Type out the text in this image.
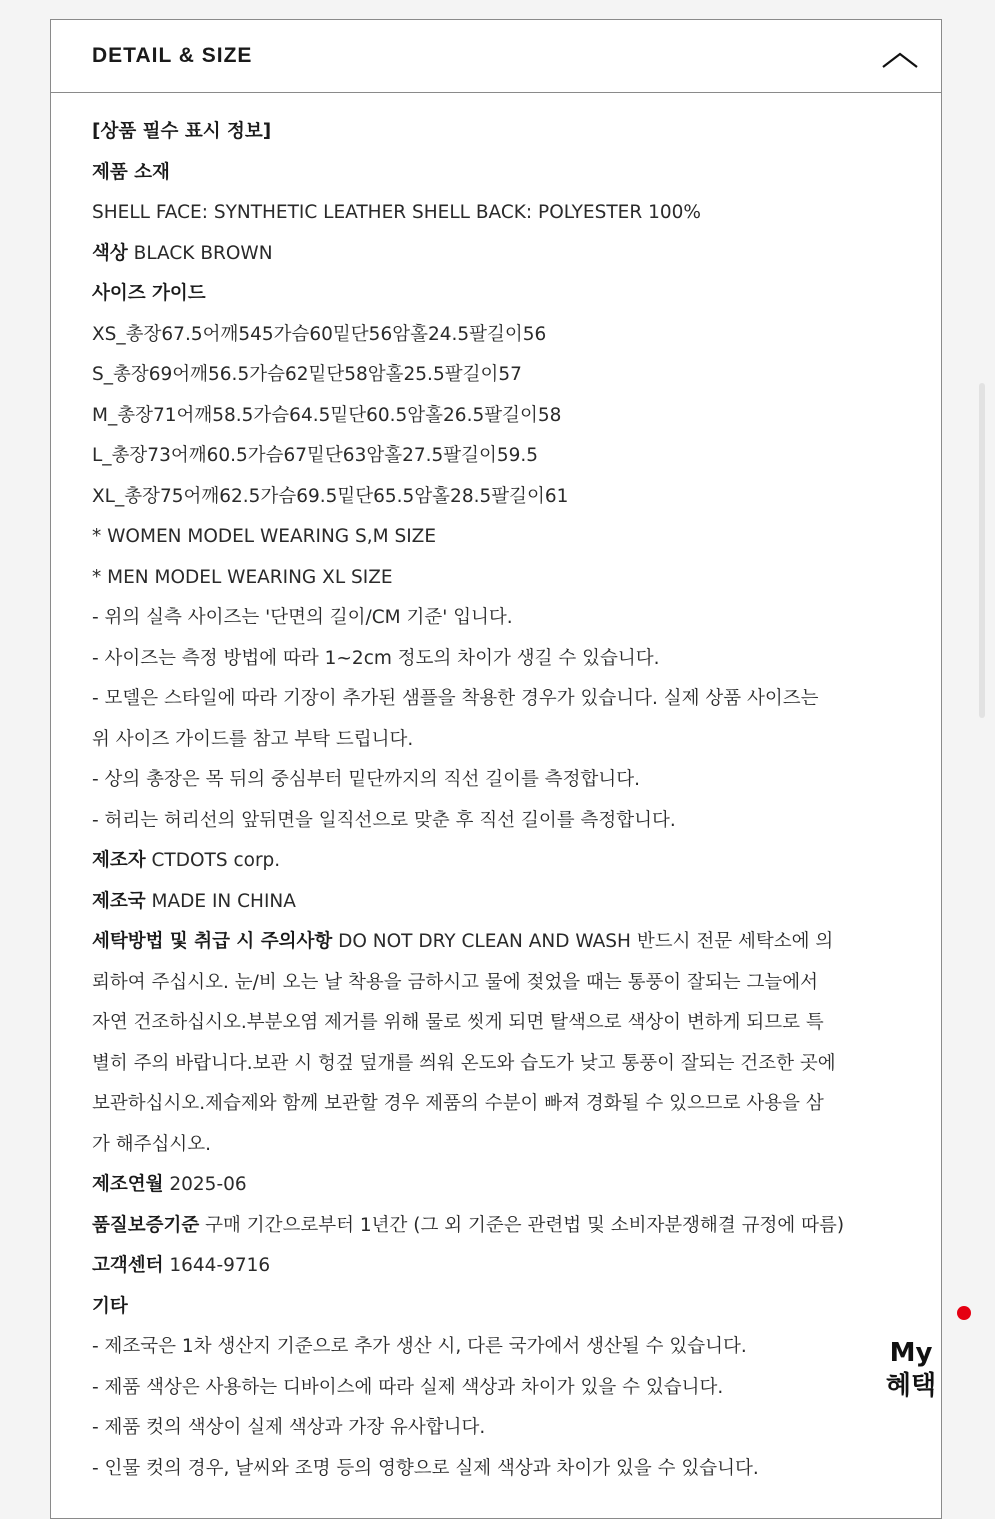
DETAIL & SIZE
[상품 필수 표시 정보]
제품 소재
SHELL FACE: SYNTHETIC LEATHER SHELL BACK: POLYESTER 100%
색상 BLACK BROWN
사이즈 가이드
XS_총장67.5어깨545가슴60밑단56암홀24.5팔길이56
S_총장69어깨56.5가슴62밑단58암홀25.5팔길이57
M_총장71어깨58.5가슴64.5밑단60.5암홀26.5팔길이58
L_총장73어깨60.5가슴67밑단63암홀27.5팔길이59.5
XL_총장75어깨62.5가슴69.5밑단65.5암홀28.5팔길이61
* WOMEN MODEL WEARING S,M SIZE
* MEN MODEL WEARING XL SIZE
- 위의 실측 사이즈는 '단면의 길이/CM 기준' 입니다.
- 사이즈는 측정 방법에 따라 1~2cm 정도의 차이가 생길 수 있습니다.
- 모델은 스타일에 따라 기장이 추가된 샘플을 착용한 경우가 있습니다. 실제 상품 사이즈는
위 사이즈 가이드를 참고 부탁 드립니다.
- 상의 총장은 목 뒤의 중심부터 밑단까지의 직선 길이를 측정합니다.
- 허리는 허리선의 앞뒤면을 일직선으로 맞춘 후 직선 길이를 측정합니다.
제조자 CTDOTS corp.
제조국 MADE IN CHINA
세탁방법 및 취급 시 주의사항 DO NOT DRY CLEAN AND WASH 반드시 전문 세탁소에 의
뢰하여 주십시오. 눈/비 오는 날 착용을 금하시고 물에 젖었을 때는 통풍이 잘되는 그늘에서
자연 건조하십시오.부분오염 제거를 위해 물로 씻게 되면 탈색으로 색상이 변하게 되므로 특
별히 주의 바랍니다.보관 시 헝겊 덮개를 씌워 온도와 습도가 낮고 통풍이 잘되는 건조한 곳에
보관하십시오.제습제와 함께 보관할 경우 제품의 수분이 빠져 경화될 수 있으므로 사용을 삼
가 해주십시오.
제조연월 2025-06
품질보증기준 구매 기간으로부터 1년간 (그 외 기준은 관련법 및 소비자분쟁해결 규정에 따름)
고객센터 1644-9716
기타
- 제조국은 1차 생산지 기준으로 추가 생산 시, 다른 국가에서 생산될 수 있습니다.
- 제품 색상은 사용하는 디바이스에 따라 실제 색상과 차이가 있을 수 있습니다.
- 제품 컷의 색상이 실제 색상과 가장 유사합니다.
- 인물 컷의 경우, 날씨와 조명 등의 영향으로 실제 색상과 차이가 있을 수 있습니다.
My
혜택
